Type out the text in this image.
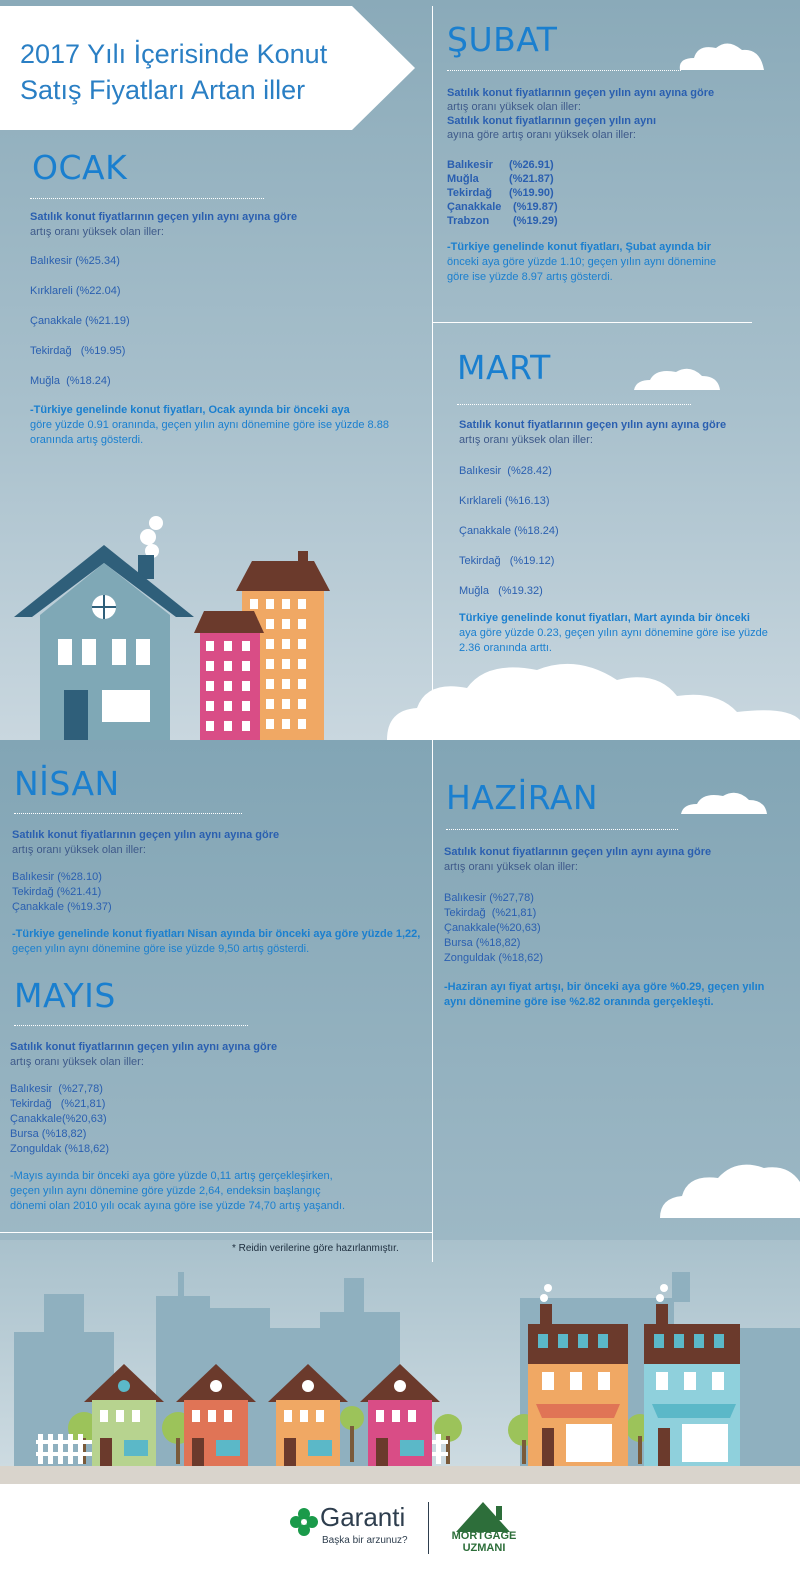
2017 Yılı İçerisinde Konut
Satış Fiyatları Artan iller
OCAK
Satılık konut fiyatlarının geçen yılın aynı ayına göre
artış oranı yüksek olan iller:
Balıkesir (%25.34)
Kırklareli (%22.04)
Çanakkale (%21.19)
Tekirdağ   (%19.95)
Muğla  (%18.24)
-Türkiye genelinde konut fiyatları, Ocak ayında bir önceki aya
göre yüzde 0.91 oranında, geçen yılın aynı dönemine göre ise yüzde 8.88
oranında artış gösterdi.
ŞUBAT
Satılık konut fiyatlarının geçen yılın aynı ayına göre
artış oranı yüksek olan iller:
Satılık konut fiyatlarının geçen yılın aynı
ayına göre artış oranı yüksek olan iller:
Balıkesir (%26.91)
Muğla	(%21.87)
Tekirdağ (%19.90)
Çanakkale (%19.87)
Trabzon (%19.29)
-Türkiye genelinde konut fiyatları, Şubat ayında bir
önceki aya göre yüzde 1.10; geçen yılın aynı dönemine
göre ise yüzde 8.97 artış gösterdi.
MART
Satılık konut fiyatlarının geçen yılın aynı ayına göre
artış oranı yüksek olan iller:
Balıkesir  (%28.42)
Kırklareli (%16.13)
Çanakkale (%18.24)
Tekirdağ   (%19.12)
Muğla   (%19.32)
Türkiye genelinde konut fiyatları, Mart ayında bir önceki
aya göre yüzde 0.23, geçen yılın aynı dönemine göre ise yüzde
2.36 oranında arttı.
NİSAN
Satılık konut fiyatlarının geçen yılın aynı ayına göre
artış oranı yüksek olan iller:
Balıkesir (%28.10)
Tekirdağ (%21.41)
Çanakkale (%19.37)
-Türkiye genelinde konut fiyatları Nisan ayında bir önceki aya göre yüzde 1,22,
geçen yılın aynı dönemine göre ise yüzde 9,50 artış gösterdi.
MAYIS
Satılık konut fiyatlarının geçen yılın aynı ayına göre
artış oranı yüksek olan iller:
Balıkesir  (%27,78)
Tekirdağ   (%21,81)
Çanakkale(%20,63)
Bursa (%18,82)
Zonguldak (%18,62)
-Mayıs ayında bir önceki aya göre yüzde 0,11 artış gerçekleşirken,
geçen yılın aynı dönemine göre yüzde 2,64, endeksin başlangıç
dönemi olan 2010 yılı ocak ayına göre ise yüzde 74,70 artış yaşandı.
HAZİRAN
Satılık konut fiyatlarının geçen yılın aynı ayına göre
artış oranı yüksek olan iller:
Balıkesir (%27,78)
Tekirdağ  (%21,81)
Çanakkale(%20,63)
Bursa (%18,82)
Zonguldak (%18,62)
-Haziran ayı fiyat artışı, bir önceki aya göre %0.29, geçen yılın
aynı dönemine göre ise %2.82 oranında gerçekleşti.
* Reidin verilerine göre hazırlanmıştır.
Garanti
Başka bir arzunuz?	MORTGAGE
UZMANI
